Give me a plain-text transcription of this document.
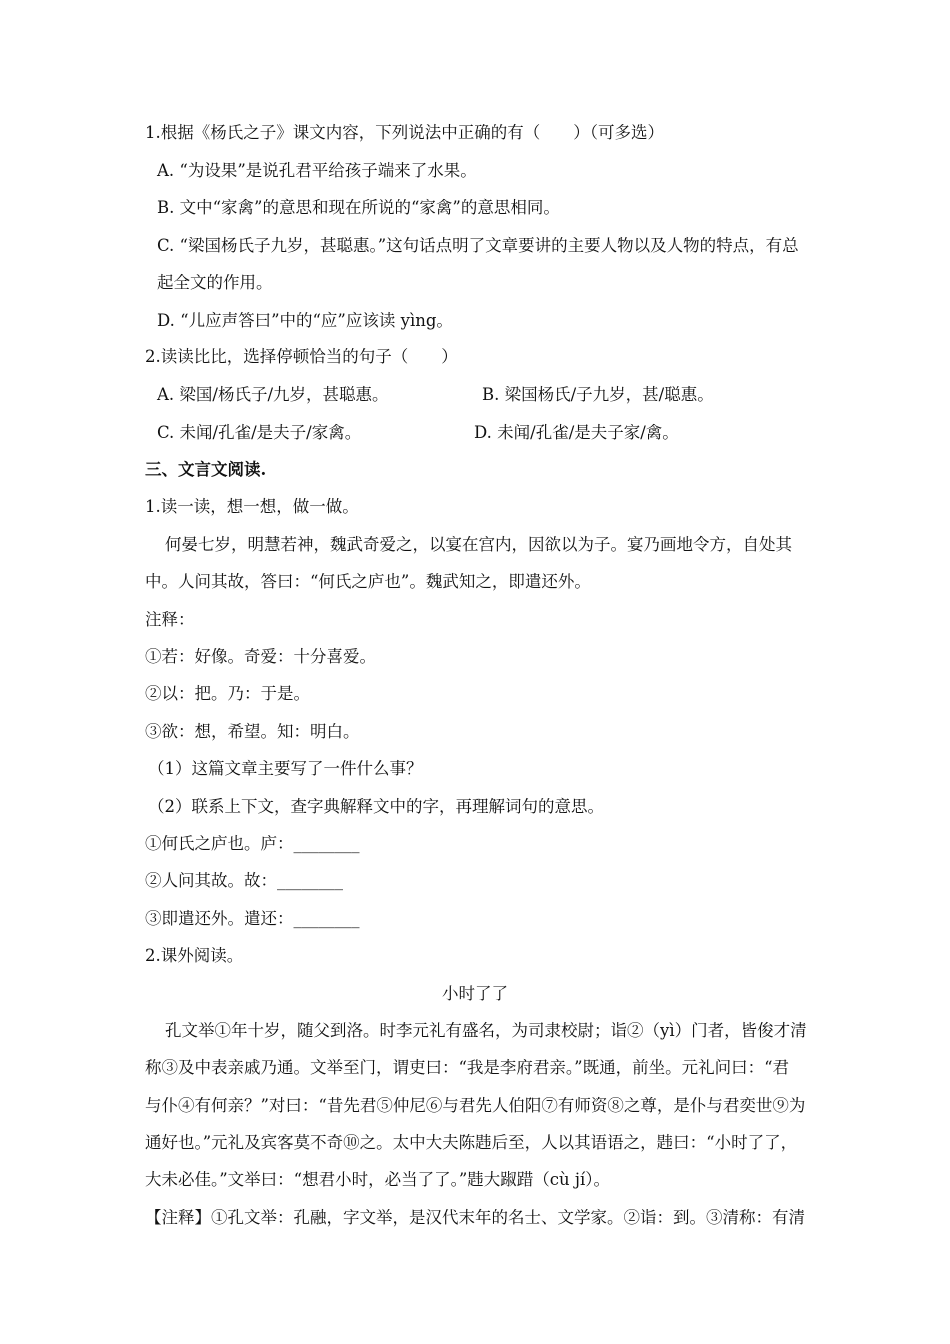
1.根据《杨氏之子》课文内容，下列说法中正确的有（　　）（可多选）
A. “为设果”是说孔君平给孩子端来了水果。
B. 文中“家禽”的意思和现在所说的“家禽”的意思相同。
C. “梁国杨氏子九岁，甚聪惠。”这句话点明了文章要讲的主要人物以及人物的特点，有总
起全文的作用。
D. “儿应声答曰”中的“应”应该读 yìng。
2.读读比比，选择停顿恰当的句子（　　）
A. 梁国/杨氏子/九岁，甚聪惠。	B. 梁国杨氏/子九岁，甚/聪惠。
C. 未闻/孔雀/是夫子/家禽。	D. 未闻/孔雀/是夫子家/禽。
三、文言文阅读.
1.读一读，想一想，做一做。
何晏七岁，明慧若神，魏武奇爱之，以宴在宫内，因欲以为子。宴乃画地令方，自处其
中。人问其故，答曰：“何氏之庐也”。魏武知之，即遣还外。
注释：
①若：好像。奇爱：十分喜爱。
②以：把。乃：于是。
③欲：想，希望。知：明白。
（1）这篇文章主要写了一件什么事？
（2）联系上下文，查字典解释文中的字，再理解词句的意思。
①何氏之庐也。庐：________
②人问其故。故：________
③即遣还外。遣还：________
2.课外阅读。
小时了了
孔文举①年十岁，随父到洛。时李元礼有盛名，为司隶校尉；诣②（yì）门者，皆俊才清
称③及中表亲戚乃通。文举至门，谓吏曰：“我是李府君亲。”既通，前坐。元礼问曰：“君
与仆④有何亲？”对曰：“昔先君⑤仲尼⑥与君先人伯阳⑦有师资⑧之尊，是仆与君奕世⑨为
通好也。”元礼及宾客莫不奇⑩之。太中大夫陈韪后至，人以其语语之，韪曰：“小时了了，
大未必佳。”文举曰：“想君小时，必当了了。”韪大踧踖（cù jí）。
【注释】①孔文举：孔融，字文举，是汉代末年的名士、文学家。②诣：到。③清称：有清
